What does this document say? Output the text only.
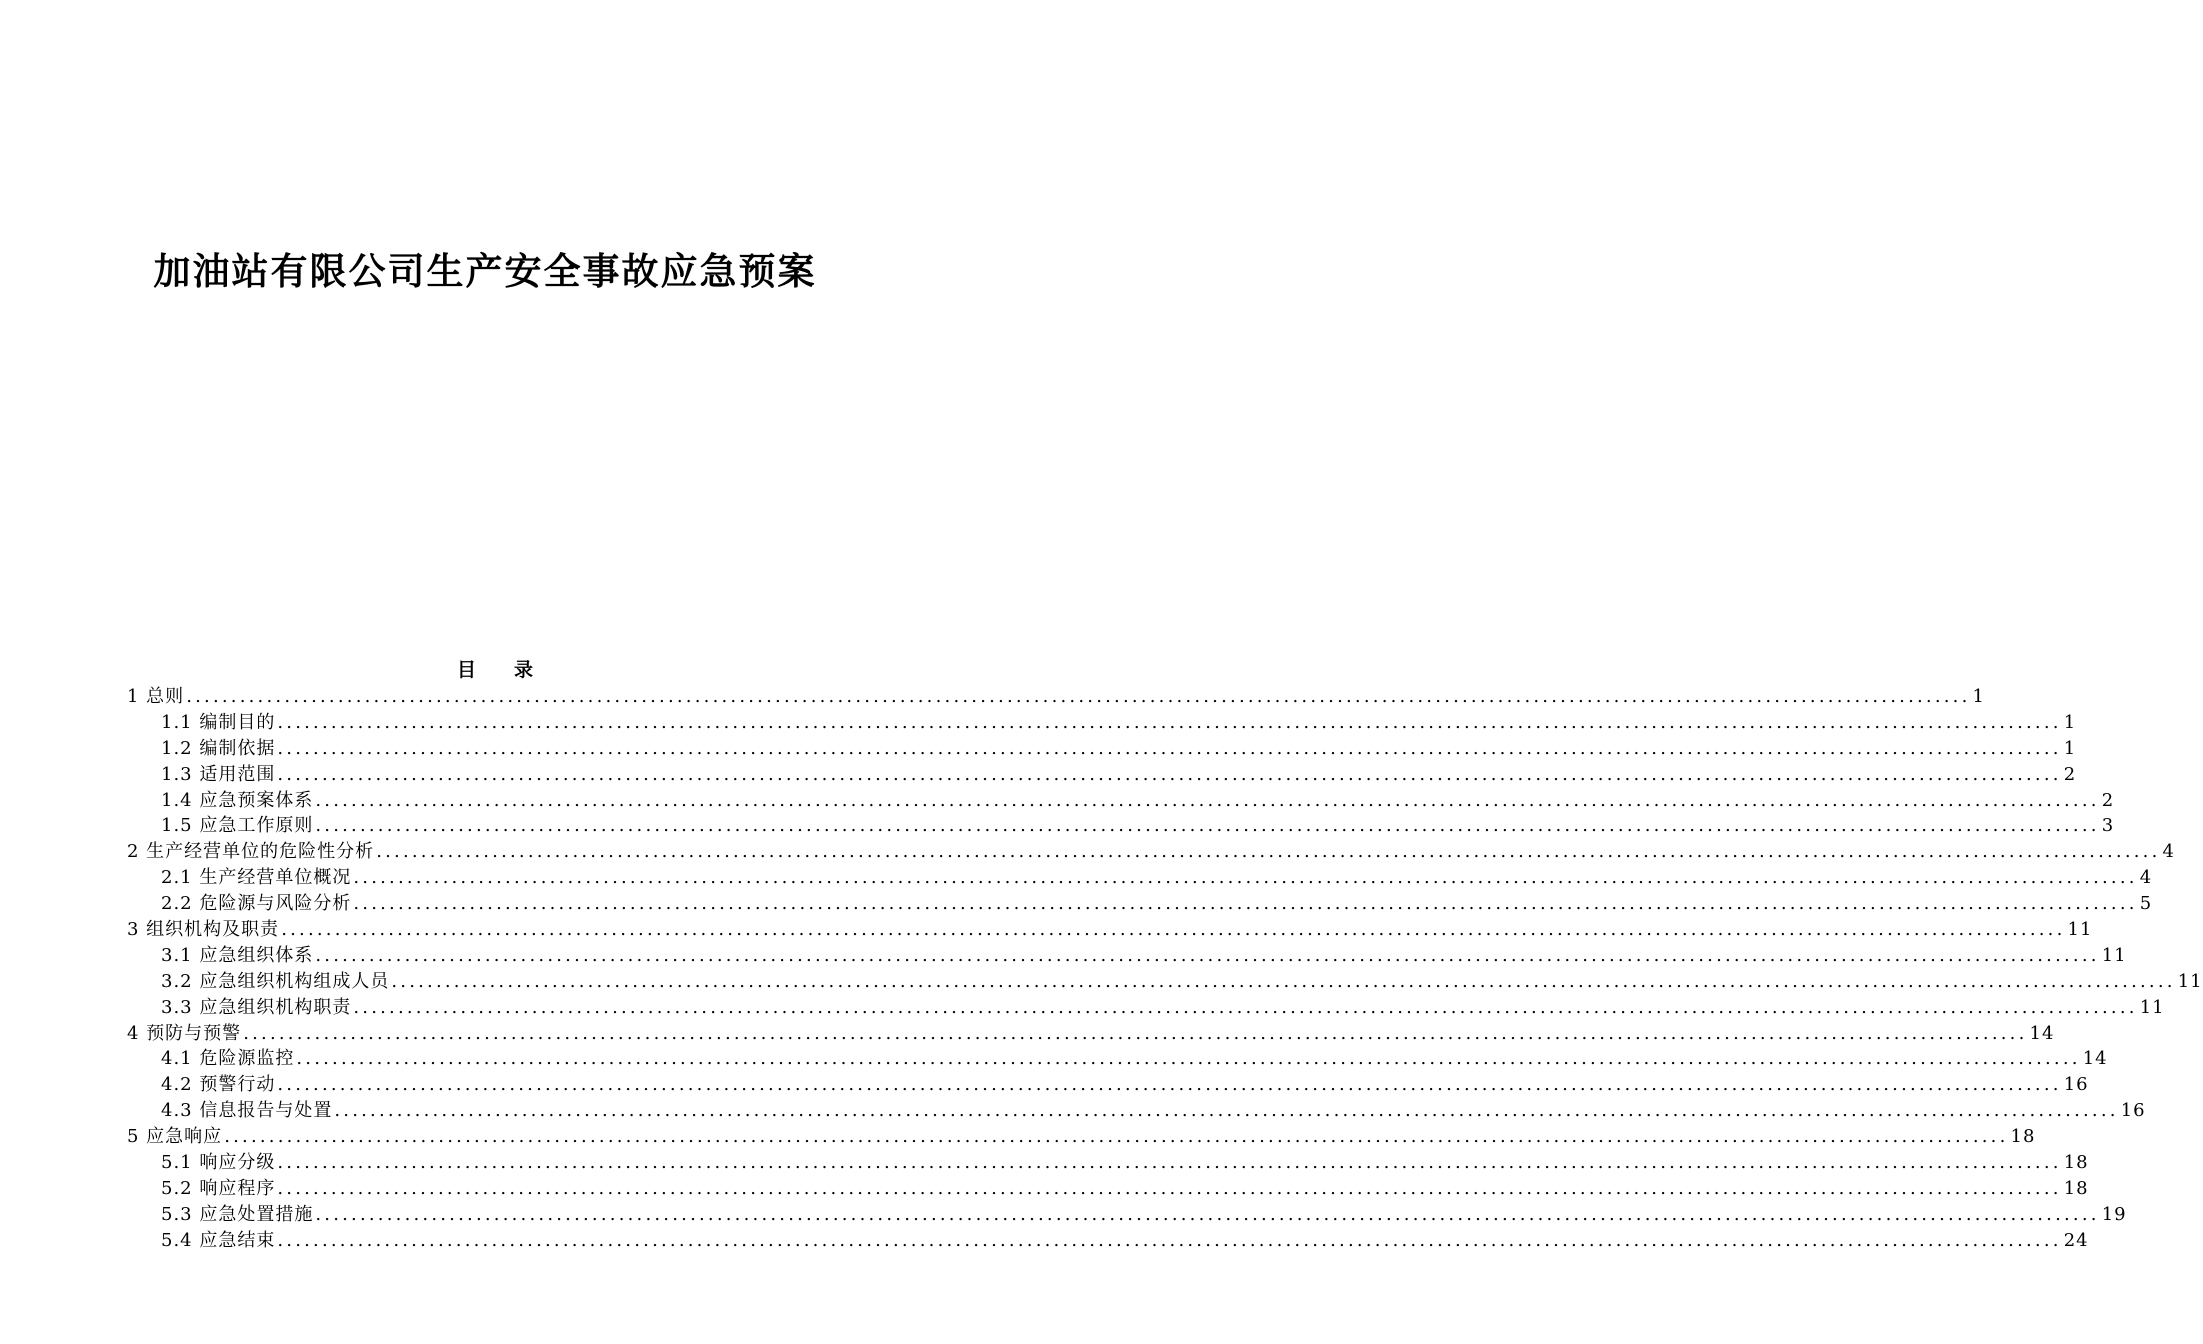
加油站有限公司生产安全事故应急预案
目 录
1 总则 ........................................................................................................................................................................................................ 1
1.1 编制目的 ........................................................................................................................................................................................................ 1
1.2 编制依据 ........................................................................................................................................................................................................ 1
1.3 适用范围 ........................................................................................................................................................................................................ 2
1.4 应急预案体系 ........................................................................................................................................................................................................ 2
1.5 应急工作原则 ........................................................................................................................................................................................................ 3
2 生产经营单位的危险性分析 ........................................................................................................................................................................................................ 4
2.1 生产经营单位概况 ........................................................................................................................................................................................................ 4
2.2 危险源与风险分析 ........................................................................................................................................................................................................ 5
3 组织机构及职责 ........................................................................................................................................................................................................ 11
3.1 应急组织体系 ........................................................................................................................................................................................................ 11
3.2 应急组织机构组成人员 ........................................................................................................................................................................................................ 11
3.3 应急组织机构职责 ........................................................................................................................................................................................................ 11
4 预防与预警 ........................................................................................................................................................................................................ 14
4.1 危险源监控 ........................................................................................................................................................................................................ 14
4.2 预警行动 ........................................................................................................................................................................................................ 16
4.3 信息报告与处置 ........................................................................................................................................................................................................ 16
5 应急响应 ........................................................................................................................................................................................................ 18
5.1 响应分级 ........................................................................................................................................................................................................ 18
5.2 响应程序 ........................................................................................................................................................................................................ 18
5.3 应急处置措施 ........................................................................................................................................................................................................ 19
5.4 应急结束 ........................................................................................................................................................................................................ 24
